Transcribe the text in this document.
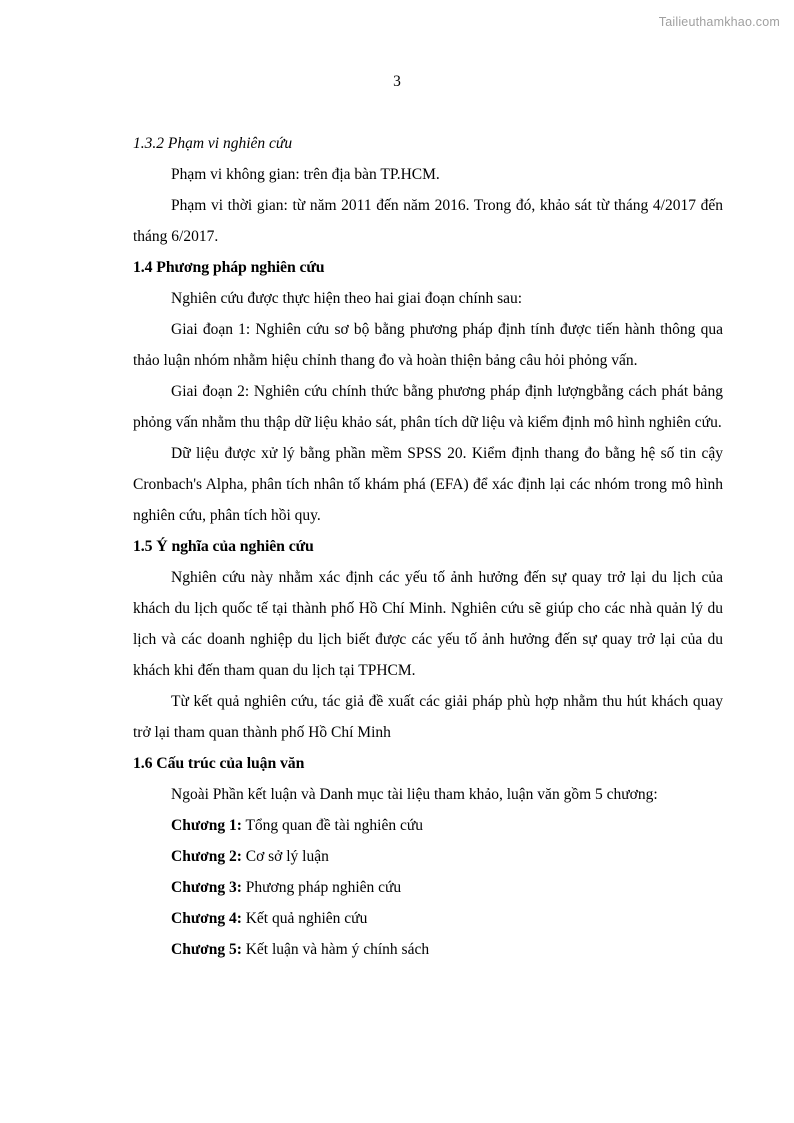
Tailieuthamkhao.com
3
1.3.2 Phạm vi nghiên cứu

Phạm vi không gian: trên địa bàn TP.HCM.

Phạm vi thời gian: từ năm 2011 đến năm 2016. Trong đó, khảo sát từ tháng 4/2017 đến tháng 6/2017.

1.4 Phương pháp nghiên cứu

Nghiên cứu được thực hiện theo hai giai đoạn chính sau:

Giai đoạn 1: Nghiên cứu sơ bộ bằng phương pháp định tính được tiến hành thông qua thảo luận nhóm nhằm hiệu chỉnh thang đo và hoàn thiện bảng câu hỏi phỏng vấn.

Giai đoạn 2: Nghiên cứu chính thức bằng phương pháp định lượngbằng cách phát bảng phỏng vấn nhằm thu thập dữ liệu khảo sát, phân tích dữ liệu và kiểm định mô hình nghiên cứu.

Dữ liệu được xử lý bằng phần mềm SPSS 20. Kiểm định thang đo bằng hệ số tin cậy Cronbach's Alpha, phân tích nhân tố khám phá (EFA) để xác định lại các nhóm trong mô hình nghiên cứu, phân tích hồi quy.

1.5 Ý nghĩa của nghiên cứu

Nghiên cứu này nhằm xác định các yếu tố ảnh hưởng đến sự quay trở lại du lịch của khách du lịch quốc tế tại thành phố Hồ Chí Minh. Nghiên cứu sẽ giúp cho các nhà quản lý du lịch và các doanh nghiệp du lịch biết được các yếu tố ảnh hưởng đến sự quay trở lại của du khách khi đến tham quan du lịch tại TPHCM.

Từ kết quả nghiên cứu, tác giả đề xuất các giải pháp phù hợp nhằm thu hút khách quay trở lại tham quan thành phố Hồ Chí Minh

1.6 Cấu trúc của luận văn

Ngoài Phần kết luận và Danh mục tài liệu tham khảo, luận văn gồm 5 chương:

Chương 1: Tổng quan đề tài nghiên cứu
Chương 2: Cơ sở lý luận
Chương 3: Phương pháp nghiên cứu
Chương 4: Kết quả nghiên cứu
Chương 5: Kết luận và hàm ý chính sách
